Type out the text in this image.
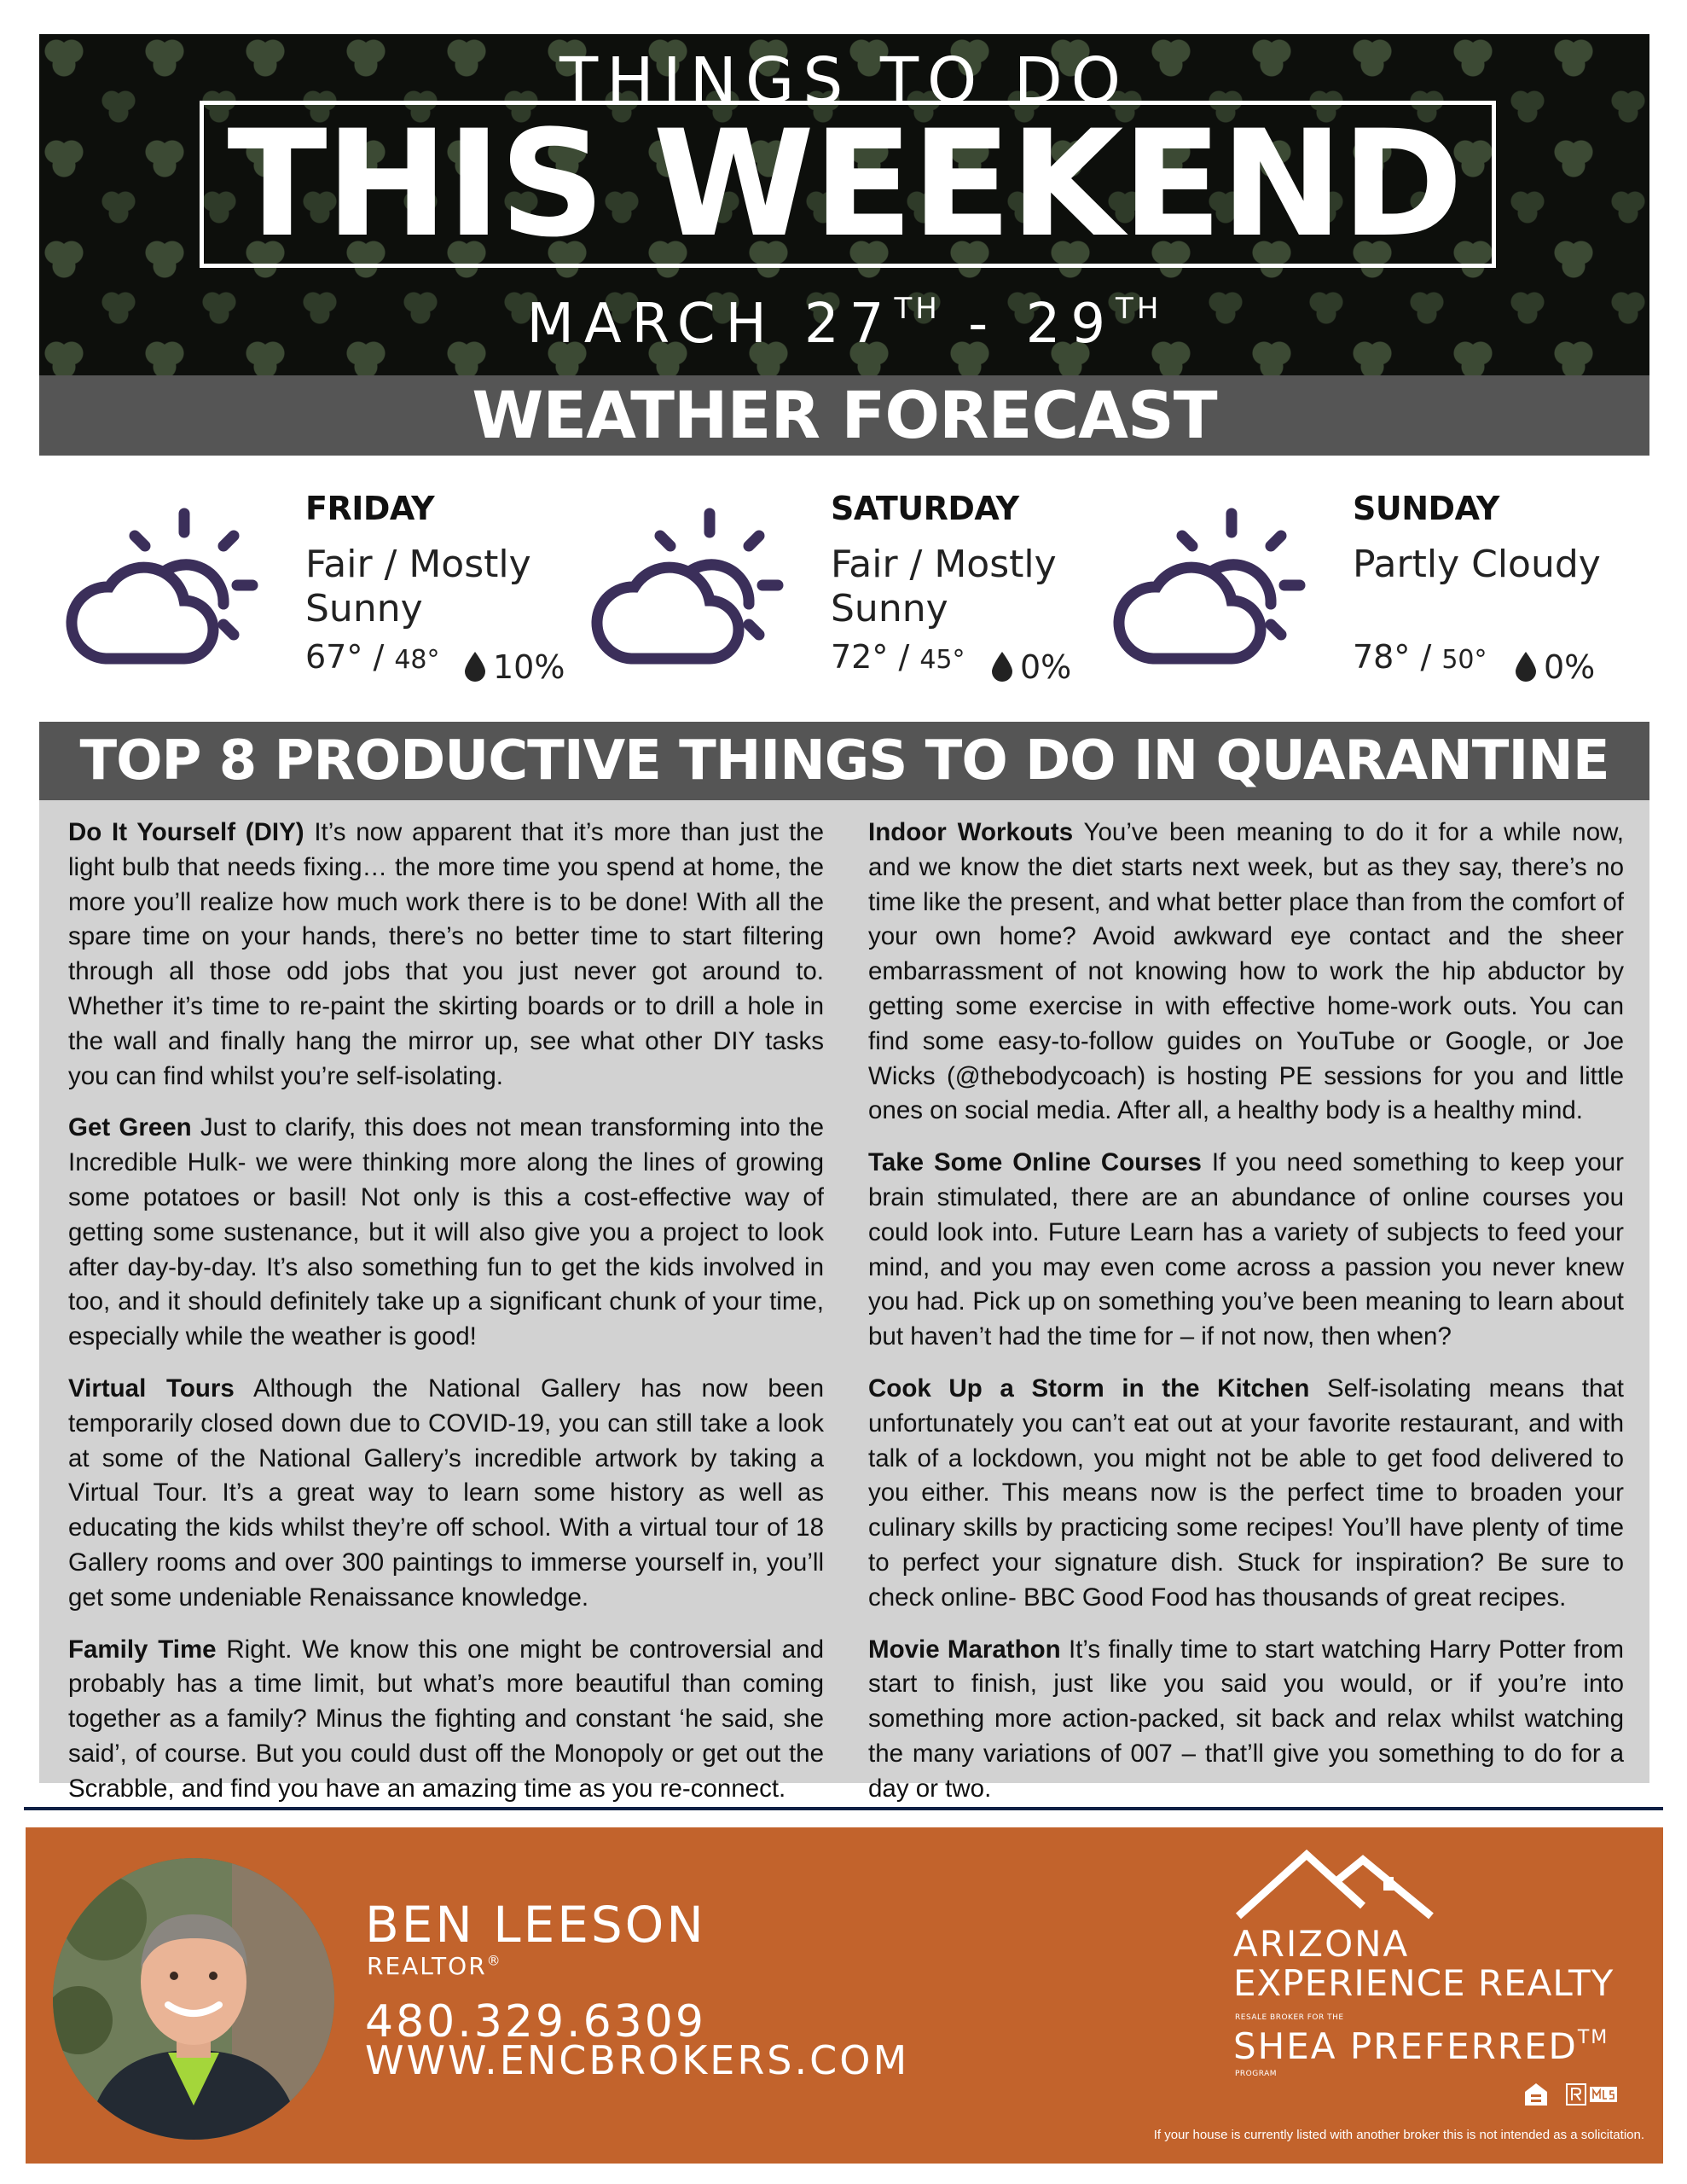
THINGS TO DO
THIS WEEKEND
MARCH 27TH - 29TH
WEATHER FORECAST
FRIDAY
Fair / Mostly Sunny
67° / 48°	10%
SATURDAY
Fair / Mostly Sunny
72° / 45°	0%
SUNDAY
Partly Cloudy
78° / 50°	0%
TOP 8 PRODUCTIVE THINGS TO DO IN QUARANTINE

Do It Yourself (DIY) It’s now apparent that it’s more than just the light bulb that needs fixing… the more time you spend at home, the more you’ll realize how much work there is to be done! With all the spare time on your hands, there’s no better time to start filtering through all those odd jobs that you just never got around to. Whether it’s time to re-paint the skirting boards or to drill a hole in the wall and finally hang the mirror up, see what other DIY tasks you can find whilst you’re self-isolating.

Get Green Just to clarify, this does not mean transforming into the Incredible Hulk- we were thinking more along the lines of growing some potatoes or basil! Not only is this a cost-effective way of getting some sustenance, but it will also give you a project to look after day-by-day. It’s also something fun to get the kids involved in too, and it should definitely take up a significant chunk of your time, especially while the weather is good!

Virtual Tours Although the National Gallery has now been temporarily closed down due to COVID-19, you can still take a look at some of the National Gallery’s incredible artwork by taking a Virtual Tour. It’s a great way to learn some history as well as educating the kids whilst they’re off school. With a virtual tour of 18 Gallery rooms and over 300 paintings to immerse yourself in, you’ll get some undeniable Renaissance knowledge.

Family Time Right. We know this one might be controversial and probably has a time limit, but what’s more beautiful than coming together as a family? Minus the fighting and constant ‘he said, she said’, of course. But you could dust off the Monopoly or get out the Scrabble, and find you have an amazing time as you re-connect.

Indoor Workouts You’ve been meaning to do it for a while now, and we know the diet starts next week, but as they say, there’s no time like the present, and what better place than from the comfort of your own home? Avoid awkward eye contact and the sheer embarrassment of not knowing how to work the hip abductor by getting some exercise in with effective home-work outs. You can find some easy-to-follow guides on YouTube or Google, or Joe Wicks (@thebodycoach) is hosting PE sessions for you and little ones on social media. After all, a healthy body is a healthy mind.

Take Some Online Courses If you need something to keep your brain stimulated, there are an abundance of online courses you could look into. Future Learn has a variety of subjects to feed your mind, and you may even come across a passion you never knew you had. Pick up on something you’ve been meaning to learn about but haven’t had the time for – if not now, then when?

Cook Up a Storm in the Kitchen Self-isolating means that unfortunately you can’t eat out at your favorite restaurant, and with talk of a lockdown, you might not be able to get food delivered to you either. This means now is the perfect time to broaden your culinary skills by practicing some recipes! You’ll have plenty of time to perfect your signature dish. Stuck for inspiration? Be sure to check online- BBC Good Food has thousands of great recipes.

Movie Marathon It’s finally time to start watching Harry Potter from start to finish, just like you said you would, or if you’re into something more action-packed, sit back and relax whilst watching the many variations of 007 – that’ll give you something to do for a day or two.

BEN LEESON
REALTOR®
480.329.6309
WWW.ENCBROKERS.COM
ARIZONA
EXPERIENCE REALTY
RESALE BROKER FOR THE
SHEA PREFERRED™
PROGRAM
If your house is currently listed with another broker this is not intended as a solicitation.
